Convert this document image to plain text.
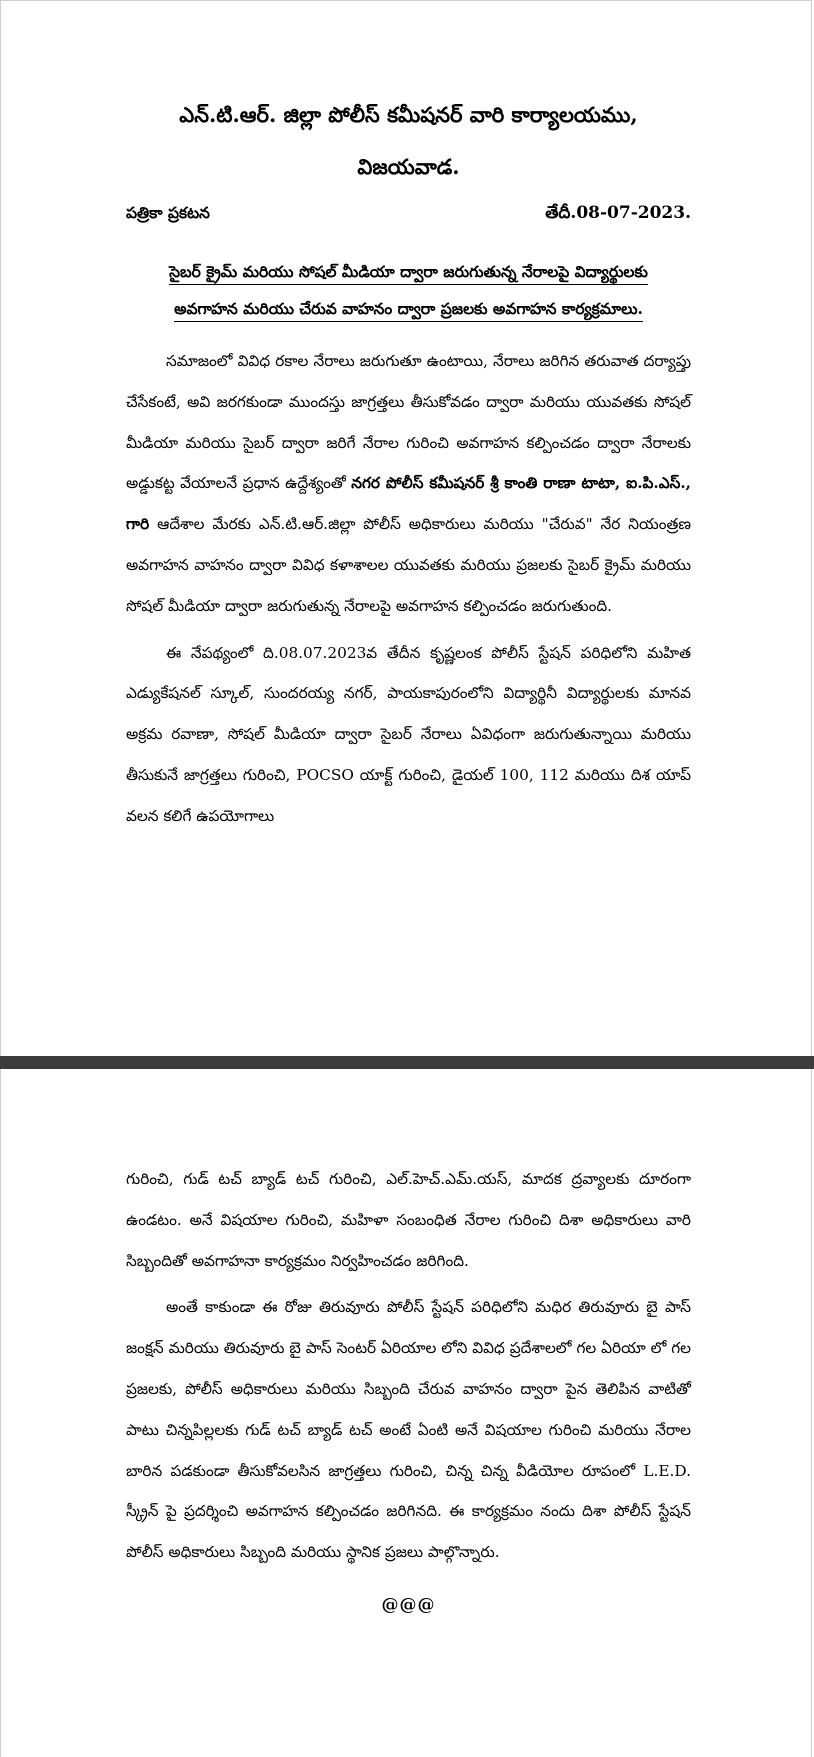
ఎన్.టి.ఆర్. జిల్లా పోలీస్ కమీషనర్ వారి కార్యాలయము,

విజయవాడ.

పత్రికా ప్రకటన	తేదీ.08-07-2023.
సైబర్ క్రైమ్ మరియు సోషల్ మీడియా ద్వారా జరుగుతున్న నేరాలపై విద్యార్థులకు అవగాహన మరియు చేరువ వాహనం ద్వారా ప్రజలకు అవగాహన కార్యక్రమాలు.

సమాజంలో వివిధ రకాల నేరాలు జరుగుతూ ఉంటాయి, నేరాలు జరిగిన తరువాత దర్యాప్తు చేసేకంటే, అవి జరగకుండా ముందస్తు జాగ్రత్తలు తీసుకోవడం ద్వారా మరియు యువతకు సోషల్ మీడియా మరియు సైబర్ ద్వారా జరిగే నేరాల గురించి అవగాహన కల్పించడం ద్వారా నేరాలకు అడ్డుకట్ట వేయాలనే ప్రధాన ఉద్దేశ్యంతో నగర పోలీస్ కమీషనర్ శ్రీ కాంతి రాణా టాటా, ఐ.పి.ఎస్., గారి ఆదేశాల మేరకు ఎన్.టి.ఆర్.జిల్లా పోలీస్ అధికారులు మరియు "చేరువ" నేర నియంత్రణ అవగాహన వాహనం ద్వారా వివిధ కళాశాలల యువతకు మరియు ప్రజలకు సైబర్ క్రైమ్ మరియు సోషల్ మీడియా ద్వారా జరుగుతున్న నేరాలపై అవగాహన కల్పించడం జరుగుతుంది.

ఈ నేపథ్యంలో ది.08.07.2023వ తేదీన కృష్ణలంక పోలీస్ స్టేషన్ పరిధిలోని మహిత ఎడ్యుకేషనల్ స్కూల్, సుందరయ్య నగర్, పాయకాపురంలోని విద్యార్థినీ విద్యార్థులకు మానవ అక్రమ రవాణా, సోషల్ మీడియా ద్వారా సైబర్ నేరాలు ఏవిధంగా జరుగుతున్నాయి మరియు తీసుకునే జాగ్రత్తలు గురించి, POCSO యాక్ట్ గురించి, డైయల్ 100, 112 మరియు దిశ యాప్ వలన కలిగే ఉపయోగాలు

గురించి, గుడ్ టచ్ బ్యాడ్ టచ్ గురించి, ఎల్.హెచ్.ఎమ్.యస్, మాదక ద్రవ్యాలకు దూరంగా ఉండటం. అనే విషయాల గురించి, మహిళా సంబంధిత నేరాల గురించి దిశా అధికారులు వారి సిబ్బందితో అవగాహనా కార్యక్రమం నిర్వహించడం జరిగింది.

అంతే కాకుండా ఈ రోజు తిరువూరు పోలీస్ స్టేషన్ పరిధిలోని మధిర తిరువూరు బై పాస్ జంక్షన్ మరియు తిరువూరు బై పాస్ సెంటర్ ఏరియాల లోని వివిధ ప్రదేశాలలో గల ఏరియా లో గల ప్రజలకు, పోలీస్ అధికారులు మరియు సిబ్బంది చేరువ వాహనం ద్వారా పైన తెలిపిన వాటితో పాటు చిన్నపిల్లలకు గుడ్ టచ్ బ్యాడ్ టచ్ అంటే ఏంటి అనే విషయాల గురించి మరియు నేరాల బారిన పడకుండా తీసుకోవలసిన జాగ్రత్తలు గురించి, చిన్న చిన్న వీడియోల రూపంలో L.E.D. స్క్రీన్ పై ప్రదర్శించి అవగాహన కల్పించడం జరిగినది. ఈ కార్యక్రమం నందు దిశా పోలీస్ స్టేషన్ పోలీస్ అధికారులు సిబ్బంది మరియు స్థానిక ప్రజలు పాల్గొన్నారు.

@@@
